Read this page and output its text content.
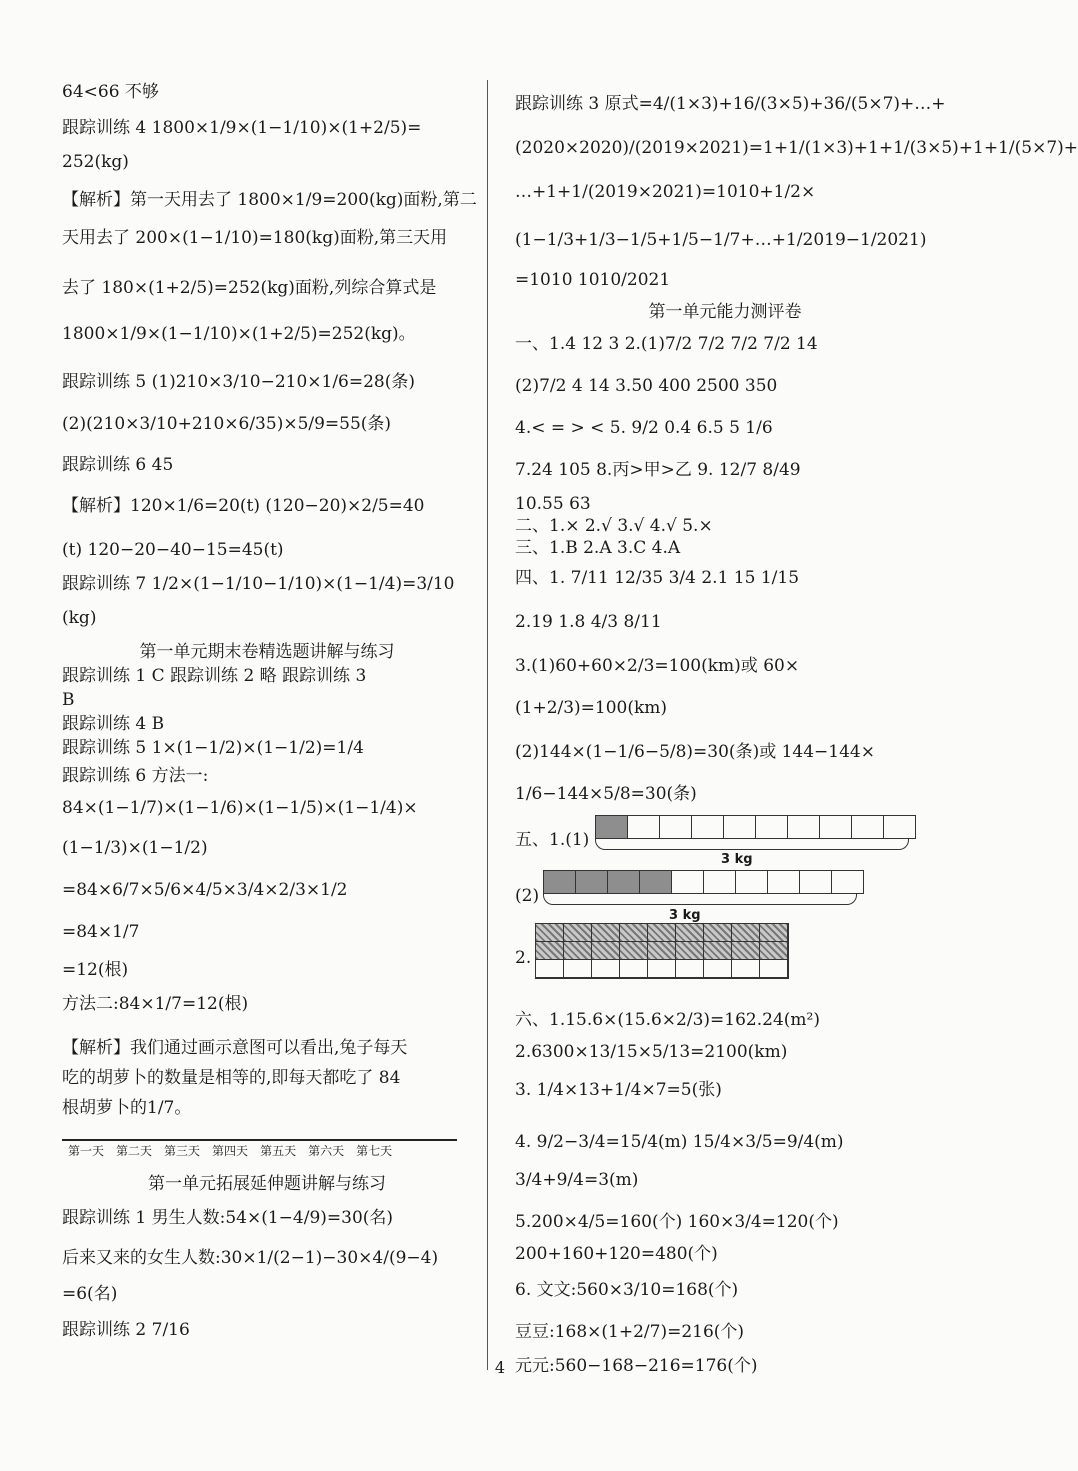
64<66 不够
跟踪训练 4 1800×1/9×(1−1/10)×(1+2/5)=
252(kg)
【解析】第一天用去了 1800×1/9=200(kg)面粉,第二
天用去了 200×(1−1/10)=180(kg)面粉,第三天用
去了 180×(1+2/5)=252(kg)面粉,列综合算式是
1800×1/9×(1−1/10)×(1+2/5)=252(kg)。
跟踪训练 5 (1)210×3/10−210×1/6=28(条)
(2)(210×3/10+210×6/35)×5/9=55(条)
跟踪训练 6 45
【解析】120×1/6=20(t) (120−20)×2/5=40
(t) 120−20−40−15=45(t)
跟踪训练 7 1/2×(1−1/10−1/10)×(1−1/4)=3/10
(kg)
第一单元期末卷精选题讲解与练习
跟踪训练 1 C 跟踪训练 2 略 跟踪训练 3
B
跟踪训练 4 B
跟踪训练 5 1×(1−1/2)×(1−1/2)=1/4
跟踪训练 6 方法一:
84×(1−1/7)×(1−1/6)×(1−1/5)×(1−1/4)×
(1−1/3)×(1−1/2)
=84×6/7×5/6×4/5×3/4×2/3×1/2
=84×1/7
=12(根)
方法二:84×1/7=12(根)
【解析】我们通过画示意图可以看出,兔子每天
吃的胡萝卜的数量是相等的,即每天都吃了 84
根胡萝卜的1/7。
第一天 第二天 第三天 第四天 第五天 第六天 第七天
第一单元拓展延伸题讲解与练习
跟踪训练 1 男生人数:54×(1−4/9)=30(名)
后来又来的女生人数:30×1/(2−1)−30×4/(9−4)
=6(名)
跟踪训练 2 7/16
跟踪训练 3 原式=4/(1×3)+16/(3×5)+36/(5×7)+…+
(2020×2020)/(2019×2021)=1+1/(1×3)+1+1/(3×5)+1+1/(5×7)+
…+1+1/(2019×2021)=1010+1/2×
(1−1/3+1/3−1/5+1/5−1/7+…+1/2019−1/2021)
=1010 1010/2021
第一单元能力测评卷
一、1.4 12 3 2.(1)7/2 7/2 7/2 7/2 14
(2)7/2 4 14 3.50 400 2500 350
4.< = > < 5. 9/2 0.4 6.5 5 1/6
7.24 105 8.丙>甲>乙 9. 12/7 8/49
10.55 63
二、1.× 2.√ 3.√ 4.√ 5.×
三、1.B 2.A 3.C 4.A
四、1. 7/11 12/35 3/4 2.1 15 1/15
2.19 1.8 4/3 8/11
3.(1)60+60×2/3=100(km)或 60×
(1+2/3)=100(km)
(2)144×(1−1/6−5/8)=30(条)或 144−144×
1/6−144×5/8=30(条)
五、1.(1)
3 kg
(2)
3 kg
2.
六、1.15.6×(15.6×2/3)=162.24(m²)
2.6300×13/15×5/13=2100(km)
3. 1/4×13+1/4×7=5(张)
4. 9/2−3/4=15/4(m) 15/4×3/5=9/4(m)
3/4+9/4=3(m)
5.200×4/5=160(个) 160×3/4=120(个)
200+160+120=480(个)
6. 文文:560×3/10=168(个)
豆豆:168×(1+2/7)=216(个)
元元:560−168−216=176(个)
4
